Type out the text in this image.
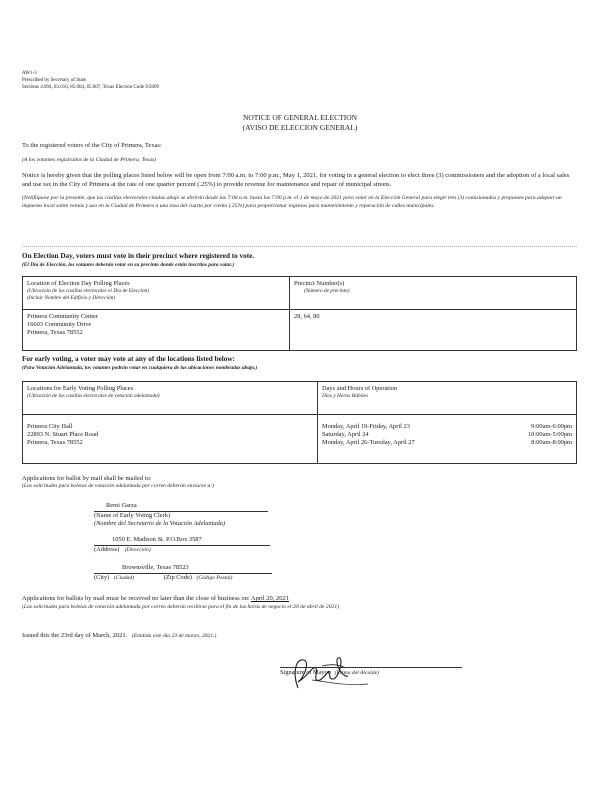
AW1-3
Prescribed by Secretary of State
Sections 4.004, 83.010, 85.004, 85.007, Texas Election Code 9/2009
NOTICE OF GENERAL ELECTION
(AVISO DE ELECCION GENERAL)
To the registered voters of the City of Primera, Texas:
(A los votantes registrados de la Ciudad de Primera, Texas)
Notice is hereby given that the polling places listed below will be open from 7:00 a.m. to 7:00 p.m., May 1, 2021, for voting in a general election to elect three (3) commissioners and the adoption of a local sales and use tax in the City of Primera at the rate of one quarter percent (.25%) to provide revenue for maintenance and repair of municipal streets.
(Notifíquese por la presente, que las casillas electorales citadas abajo se abrirán desde las 7:00 a.m. hasta las 7:00 p.m. el 1 de mayo de 2021 para votar en la Elección General para elegir tres (3) comisionados y propuesta para adoptar un impuesto local sobre ventas y uso en la Ciudad de Primera a una tasa del cuarto por ciento (.25%) para proporcionar ingresos para mantenimiento y reparación de calles municipales.
On Election Day, voters must vote in their precinct where registered to vote.
(El Día de Elección, los votantes deberán votar en su precinto donde están inscritos para votar.)
Location of Election Day Polling Places
(Ubicación de las casillas electorales el Día de Elección)
(Incluir Nombre del Edificio y Dirección)	Precinct Number(s)
(Número de precinto)

Primera Community Center
16603 Community Drive
Primera, Texas 78552	28, 64, 80
For early voting, a voter may vote at any of the locations listed below:
(Para Votación Adelantada, los votantes podrán votar en cualquiera de las ubicaciones nombradas abajo.)
Locations for Early Voting Polling Places
(Ubicación de las casillas electorales de votación adelantada)
	Days and Hours of Operation
Días y Horas Hábiles

Primera City Hall
22893 N. Stuart Place Road
Primera, Texas 78552

Monday, April 19-Friday, April 23	9:00am-6:00pm
Saturday, April 24	10:00am-5:00pm
Monday, April 26-Tuesday, April 27	8:00am-8:00pm
Applications for ballot by mail shall be mailed to:
(Las solicitudes para boletas de votación adelantada por correo deberán enviarse a:)
Remi Garza
(Name of Early Voting Clerk)
(Nombre del Secretario de la Votación Adelantada)
1050 E. Madison St. P.O.Box 3587
(Address) (Dirección)
Brownsville, Texas 78523
(City) (Ciudad)	(Zip Code) (Código Postal)
Applications for ballots by mail must be received no later than the close of business on: April 20, 2021
(Las solicitudes para boletas de votación adelantada por correo deberán recibirse para el fin de las horas de negocio el:20 de abril de 2021)
Issued this the 23rd day of March, 2021. (Emitida este día 23 de marzo, 2021.)
Signature of Mayor (Firma del Alcalde)
